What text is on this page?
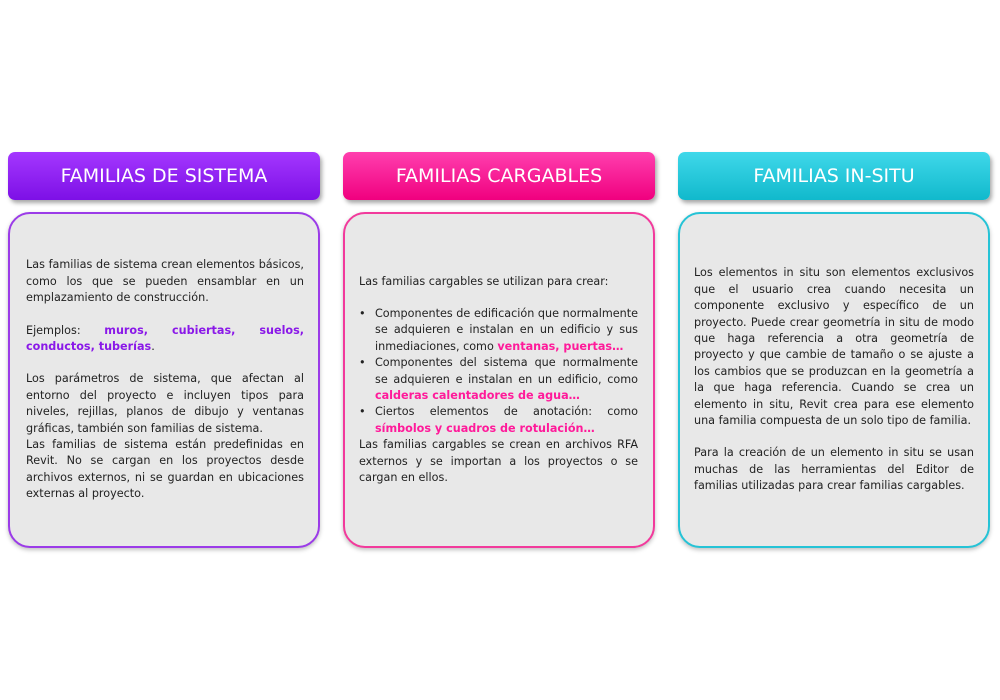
FAMILIAS DE SISTEMA

Las familias de sistema crean elementos básicos, como los que se pueden ensamblar en un emplazamiento de construcción.

Ejemplos: muros, cubiertas, suelos, conductos, tuberías.

Los parámetros de sistema, que afectan al entorno del proyecto e incluyen tipos para niveles, rejillas, planos de dibujo y ventanas gráficas, también son familias de sistema.

Las familias de sistema están predefinidas en Revit. No se cargan en los proyectos desde archivos externos, ni se guardan en ubicaciones externas al proyecto.

FAMILIAS CARGABLES

Las familias cargables se utilizan para crear:

• Componentes de edificación que normalmente se adquieren e instalan en un edificio y sus inmediaciones, como ventanas, puertas…
• Componentes del sistema que normalmente se adquieren e instalan en un edificio, como calderas calentadores de agua…
• Ciertos elementos de anotación: como símbolos y cuadros de rotulación…

Las familias cargables se crean en archivos RFA externos y se importan a los proyectos o se cargan en ellos.

FAMILIAS IN-SITU

Los elementos in situ son elementos exclusivos que el usuario crea cuando necesita un componente exclusivo y específico de un proyecto. Puede crear geometría in situ de modo que haga referencia a otra geometría de proyecto y que cambie de tamaño o se ajuste a los cambios que se produzcan en la geometría a la que haga referencia. Cuando se crea un elemento in situ, Revit crea para ese elemento una familia compuesta de un solo tipo de familia.

Para la creación de un elemento in situ se usan muchas de las herramientas del Editor de familias utilizadas para crear familias cargables.
